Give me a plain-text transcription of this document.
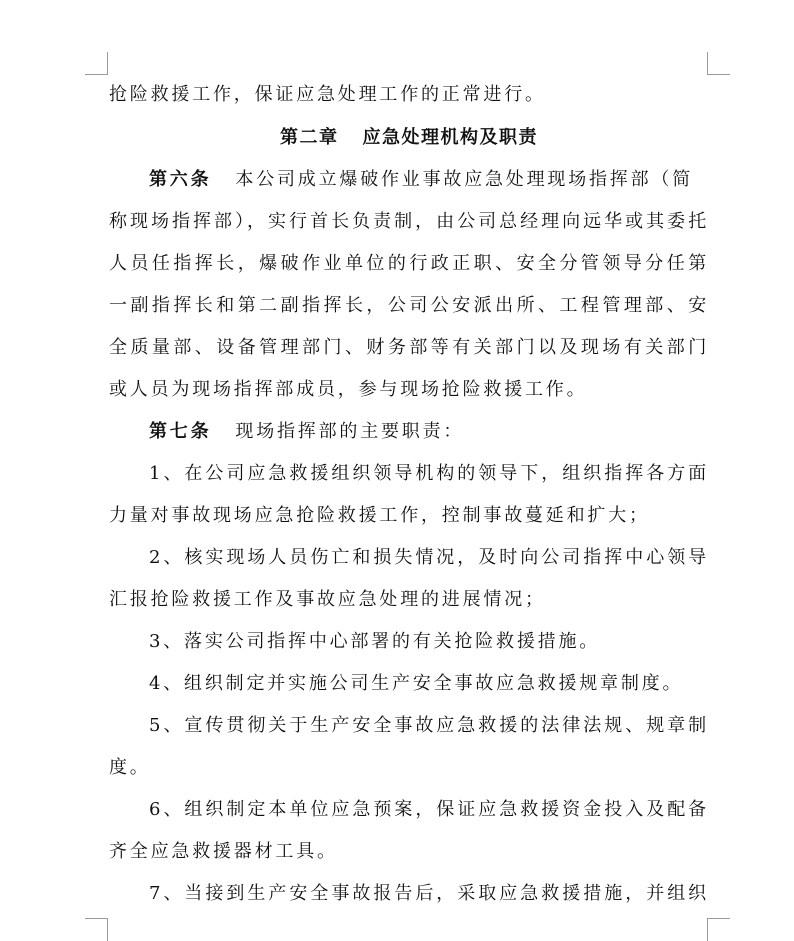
抢险救援工作，保证应急处理工作的正常进行。
第二章 应急处理机构及职责
第六条 本公司成立爆破作业事故应急处理现场指挥部（简
称现场指挥部），实行首长负责制，由公司总经理向远华或其委托
人员任指挥长，爆破作业单位的行政正职、安全分管领导分任第
一副指挥长和第二副指挥长，公司公安派出所、工程管理部、安
全质量部、设备管理部门、财务部等有关部门以及现场有关部门
或人员为现场指挥部成员，参与现场抢险救援工作。
第七条 现场指挥部的主要职责：
1、在公司应急救援组织领导机构的领导下，组织指挥各方面
力量对事故现场应急抢险救援工作，控制事故蔓延和扩大；
2、核实现场人员伤亡和损失情况，及时向公司指挥中心领导
汇报抢险救援工作及事故应急处理的进展情况；
3、落实公司指挥中心部署的有关抢险救援措施。
4、组织制定并实施公司生产安全事故应急救援规章制度。
5、宣传贯彻关于生产安全事故应急救援的法律法规、规章制
度。
6、组织制定本单位应急预案，保证应急救援资金投入及配备
齐全应急救援器材工具。
7、当接到生产安全事故报告后，采取应急救援措施，并组织
